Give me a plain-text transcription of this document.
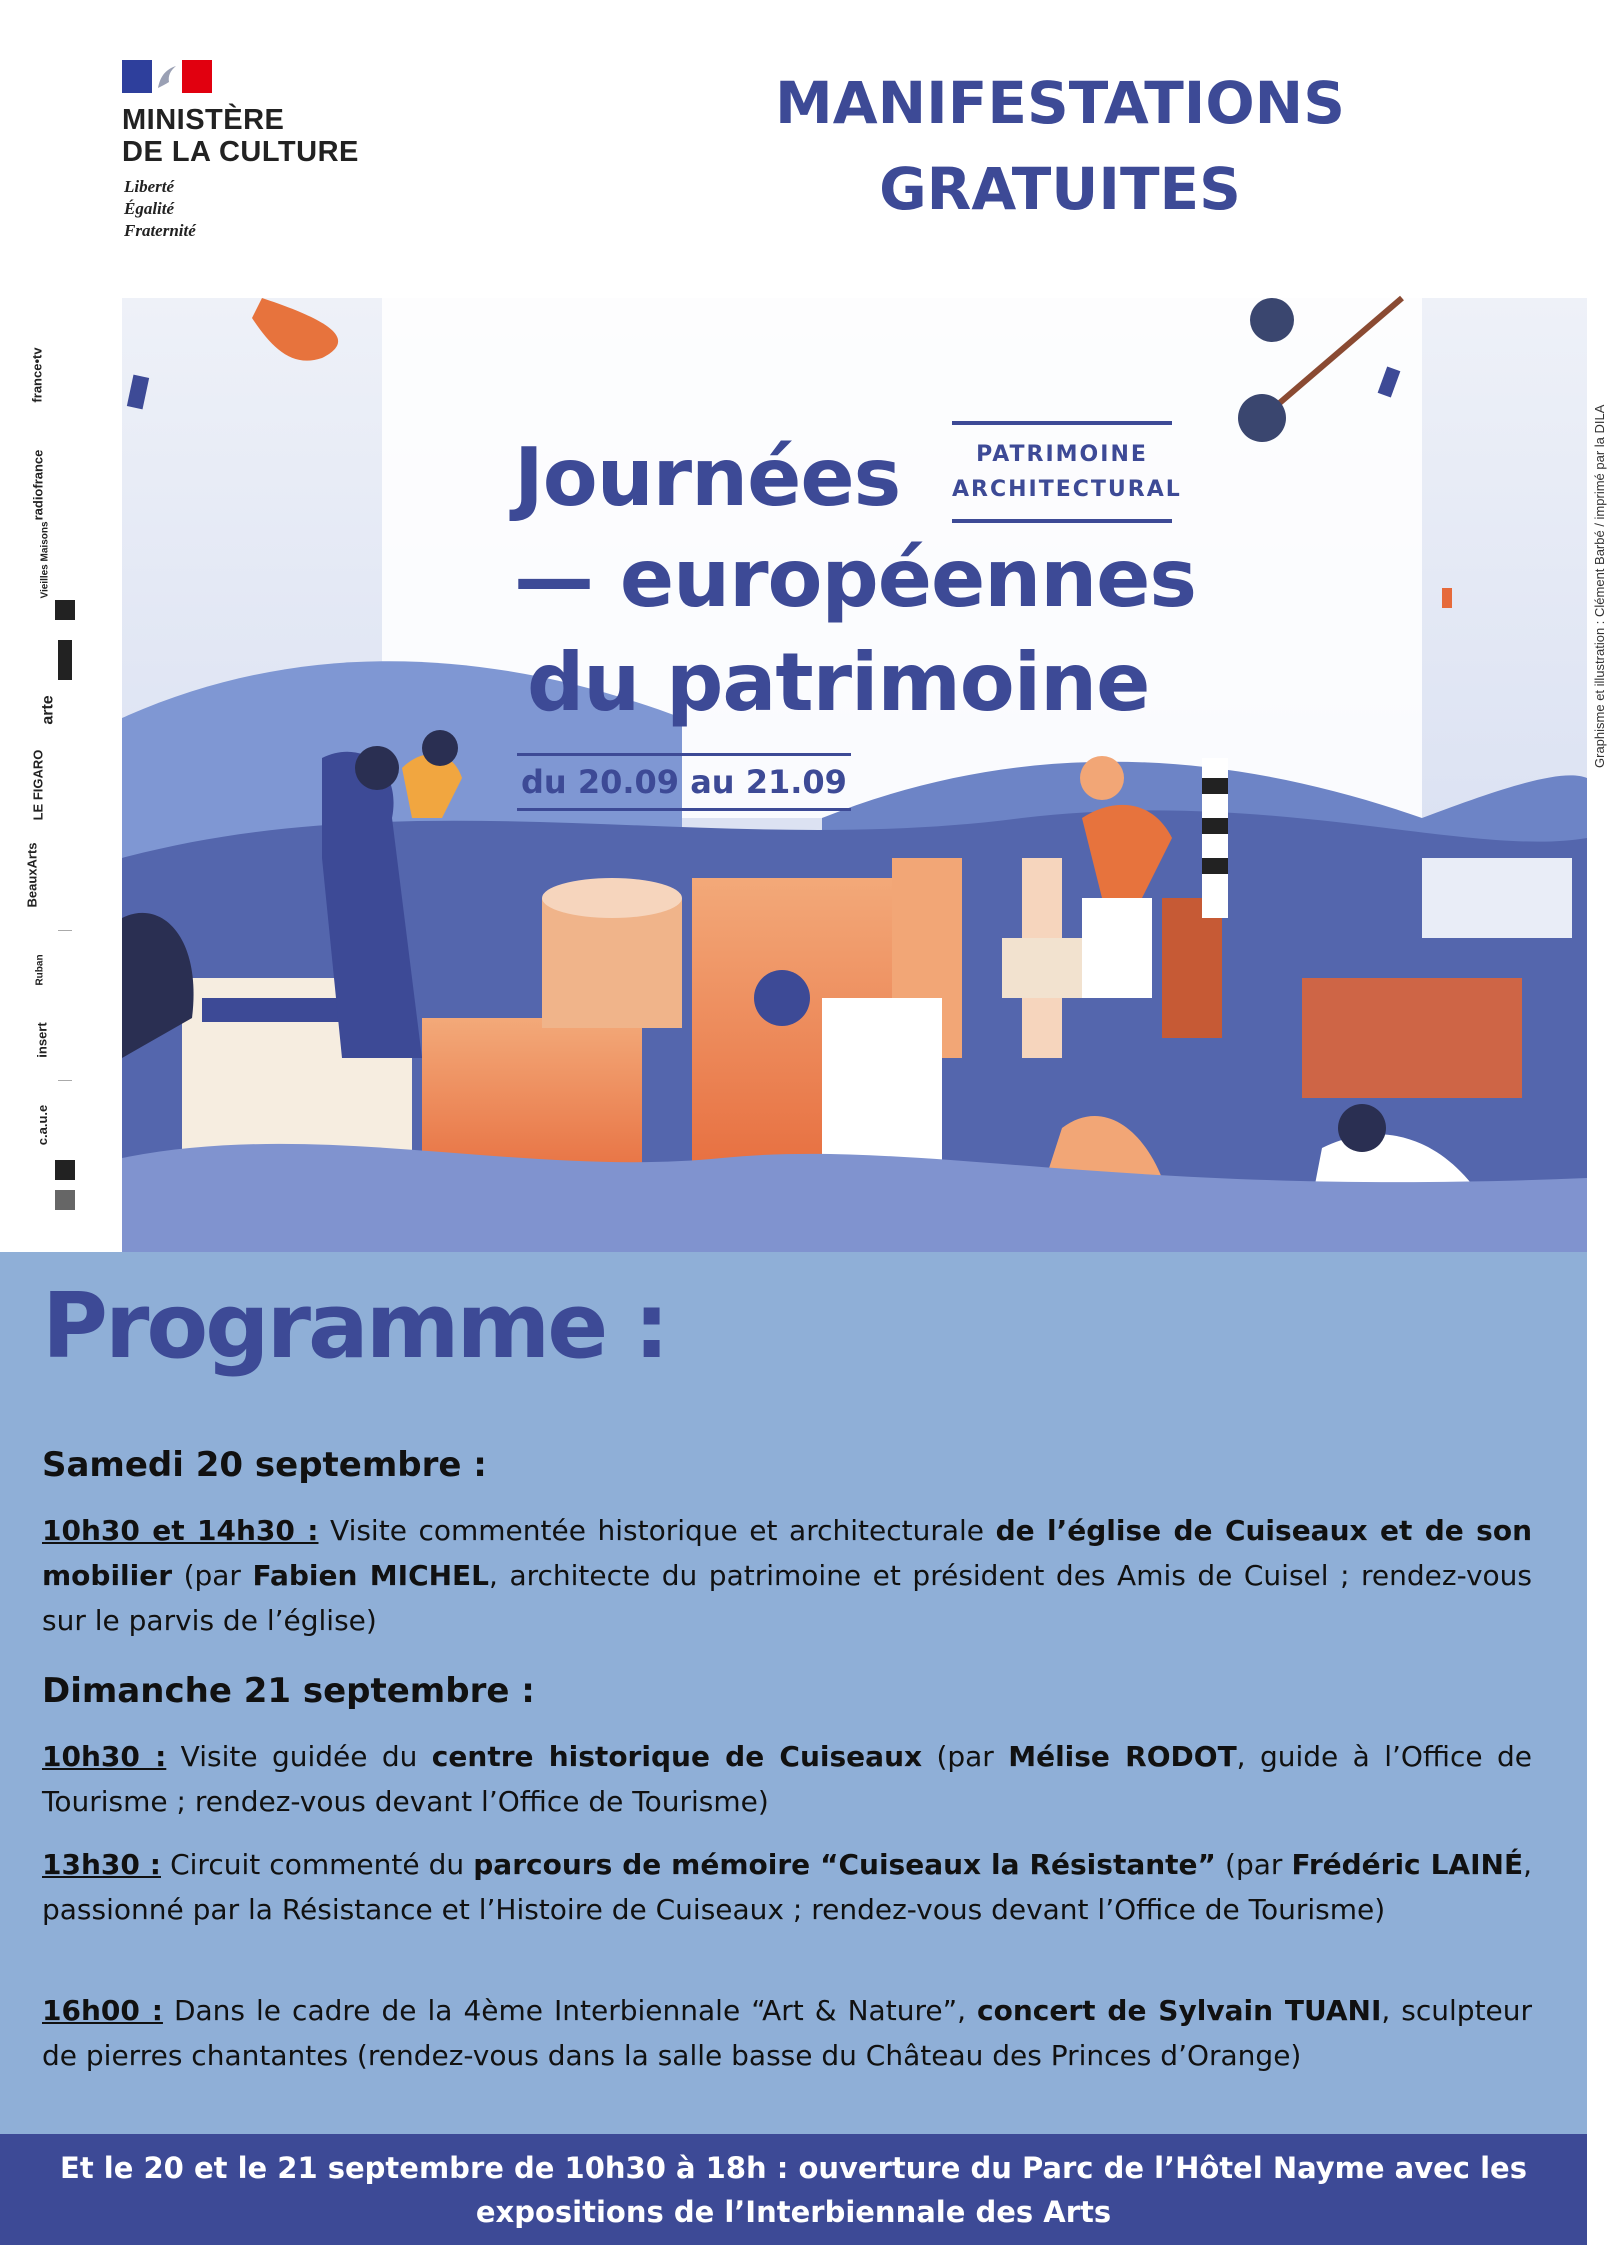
MINISTÈRE
DE LA CULTURE
Liberté
Égalité
Fraternité
MANIFESTATIONS
GRATUITES
france•tv
radiofrance
Vieilles Maisons
arte
LE FIGARO
BeauxArts
Ruban
insert
c.a.u.e
PATRIMOINE
ARCHITECTURAL
Journées
— européennes
du patrimoine
du 20.09 au 21.09
Graphisme et illustration : Clément Barbé / imprimé par la DILA
Programme :
Samedi 20 septembre :
10h30 et 14h30 : Visite commentée historique et architecturale de l’église de Cuiseaux et de son mobilier (par Fabien MICHEL, architecte du patrimoine et président des Amis de Cuisel ; rendez-vous sur le parvis de l’église)
Dimanche 21 septembre :
10h30 : Visite guidée du centre historique de Cuiseaux (par Mélise RODOT, guide à l’Office de Tourisme ; rendez-vous devant l’Office de Tourisme)
13h30 : Circuit commenté du parcours de mémoire “Cuiseaux la Résistante” (par Frédéric LAINÉ, passionné par la Résistance et l’Histoire de Cuiseaux ; rendez-vous devant l’Office de Tourisme)
16h00 : Dans le cadre de la 4ème Interbiennale “Art & Nature”, concert de Sylvain TUANI, sculpteur de pierres chantantes (rendez-vous dans la salle basse du Château des Princes d’Orange)
Et le 20 et le 21 septembre de 10h30 à 18h : ouverture du Parc de l’Hôtel Nayme avec les
expositions de l’Interbiennale des Arts
